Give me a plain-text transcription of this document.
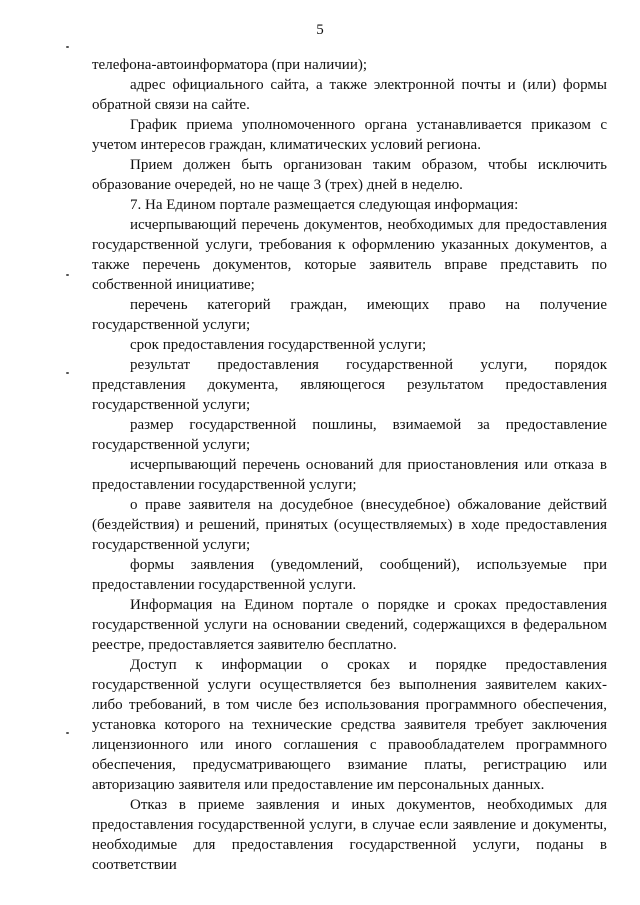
5

телефона-автоинформатора (при наличии);

адрес официального сайта, а также электронной почты и (или) формы обратной связи на сайте.

График приема уполномоченного органа устанавливается приказом с учетом интересов граждан, климатических условий региона.

Прием должен быть организован таким образом, чтобы исключить образование очередей, но не чаще 3 (трех) дней в неделю.

7. На Едином портале размещается следующая информация:

исчерпывающий перечень документов, необходимых для предоставления государственной услуги, требования к оформлению указанных документов, а также перечень документов, которые заявитель вправе представить по собственной инициативе;

перечень категорий граждан, имеющих право на получение государственной услуги;

срок предоставления государственной услуги;

результат предоставления государственной услуги, порядок представления документа, являющегося результатом предоставления государственной услуги;

размер государственной пошлины, взимаемой за предоставление государственной услуги;

исчерпывающий перечень оснований для приостановления или отказа в предоставлении государственной услуги;

о праве заявителя на досудебное (внесудебное) обжалование действий (бездействия) и решений, принятых (осуществляемых) в ходе предоставления государственной услуги;

формы заявления (уведомлений, сообщений), используемые при предоставлении государственной услуги.

Информация на Едином портале о порядке и сроках предоставления государственной услуги на основании сведений, содержащихся в федеральном реестре, предоставляется заявителю бесплатно.

Доступ к информации о сроках и порядке предоставления государственной услуги осуществляется без выполнения заявителем каких-либо требований, в том числе без использования программного обеспечения, установка которого на технические средства заявителя требует заключения лицензионного или иного соглашения с правообладателем программного обеспечения, предусматривающего взимание платы, регистрацию или авторизацию заявителя или предоставление им персональных данных.

Отказ в приеме заявления и иных документов, необходимых для предоставления государственной услуги, в случае если заявление и документы, необходимые для предоставления государственной услуги, поданы в соответствии
